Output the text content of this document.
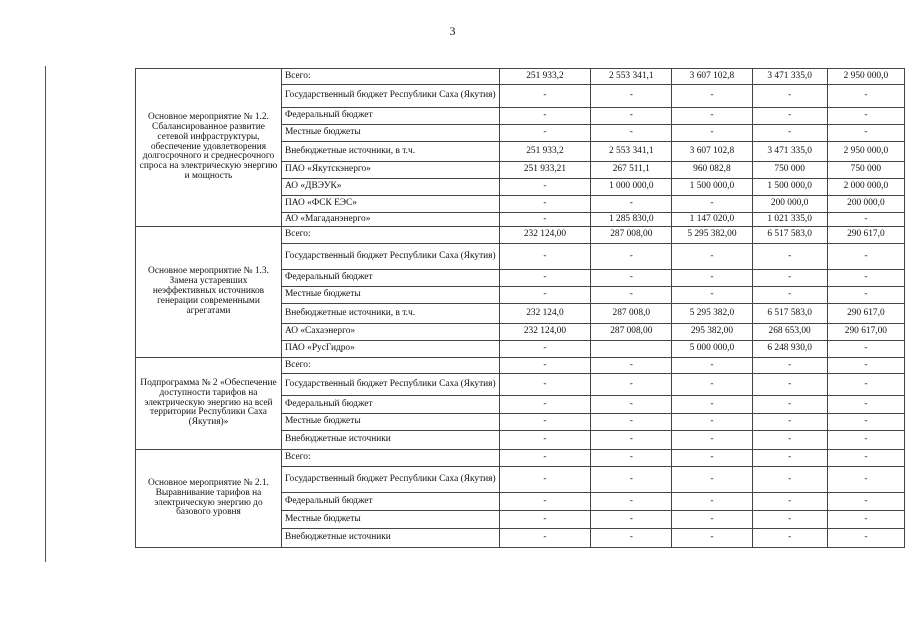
3
Основное мероприятие № 1.2. Сбалансированное развитие сетевой инфраструктуры, обеспечение удовлетворения долгосрочного и среднесрочного спроса на электрическую энергию и мощность	Всего:	251 933,2	2 553 341,1	3 607 102,8	3 471 335,0	2 950 000,0
	Государственный бюджет Республики Саха (Якутия)	-	-	-	-	-
	Федеральный бюджет	-	-	-	-	-
	Местные бюджеты	-	-	-	-	-
	Внебюджетные источники, в т.ч.	251 933,2	2 553 341,1	3 607 102,8	3 471 335,0	2 950 000,0
	ПАО «Якутскэнерго»	251 933,21	267 511,1	960 082,8	750 000	750 000
	АО «ДВЭУК»	-	1 000 000,0	1 500 000,0	1 500 000,0	2 000 000,0
	ПАО «ФСК ЕЭС»	-	-	-	200 000,0	200 000,0
	АО «Магаданэнерго»	-	1 285 830,0	1 147 020,0	1 021 335,0	-
Основное мероприятие № 1.3. Замена устаревших неэффективных источников генерации современными агрегатами	Всего:	232 124,00	287 008,00	5 295 382,00	6 517 583,0	290 617,0
	Государственный бюджет Республики Саха (Якутия)	-	-	-	-	-
	Федеральный бюджет	-	-	-	-	-
	Местные бюджеты	-	-	-	-	-
	Внебюджетные источники, в т.ч.	232 124,0	287 008,0	5 295 382,0	6 517 583,0	290 617,0
	АО «Сахаэнерго»	232 124,00	287 008,00	295 382,00	268 653,00	290 617,00
	ПАО «РусГидро»	-		5 000 000,0	6 248 930,0	-
Подпрограмма № 2 «Обеспечение доступности тарифов на электрическую энергию на всей территории Республики Саха (Якутия)»	Всего:	-	-	-	-	-
	Государственный бюджет Республики Саха (Якутия)	-	-	-	-	-
	Федеральный бюджет	-	-	-	-	-
	Местные бюджеты	-	-	-	-	-
	Внебюджетные источники	-	-	-	-	-
Основное мероприятие № 2.1. Выравнивание тарифов на электрическую энергию до базового уровня	Всего:	-	-	-	-	-
	Государственный бюджет Республики Саха (Якутия)	-	-	-	-	-
	Федеральный бюджет	-	-	-	-	-
	Местные бюджеты	-	-	-	-	-
	Внебюджетные источники	-	-	-	-	-
